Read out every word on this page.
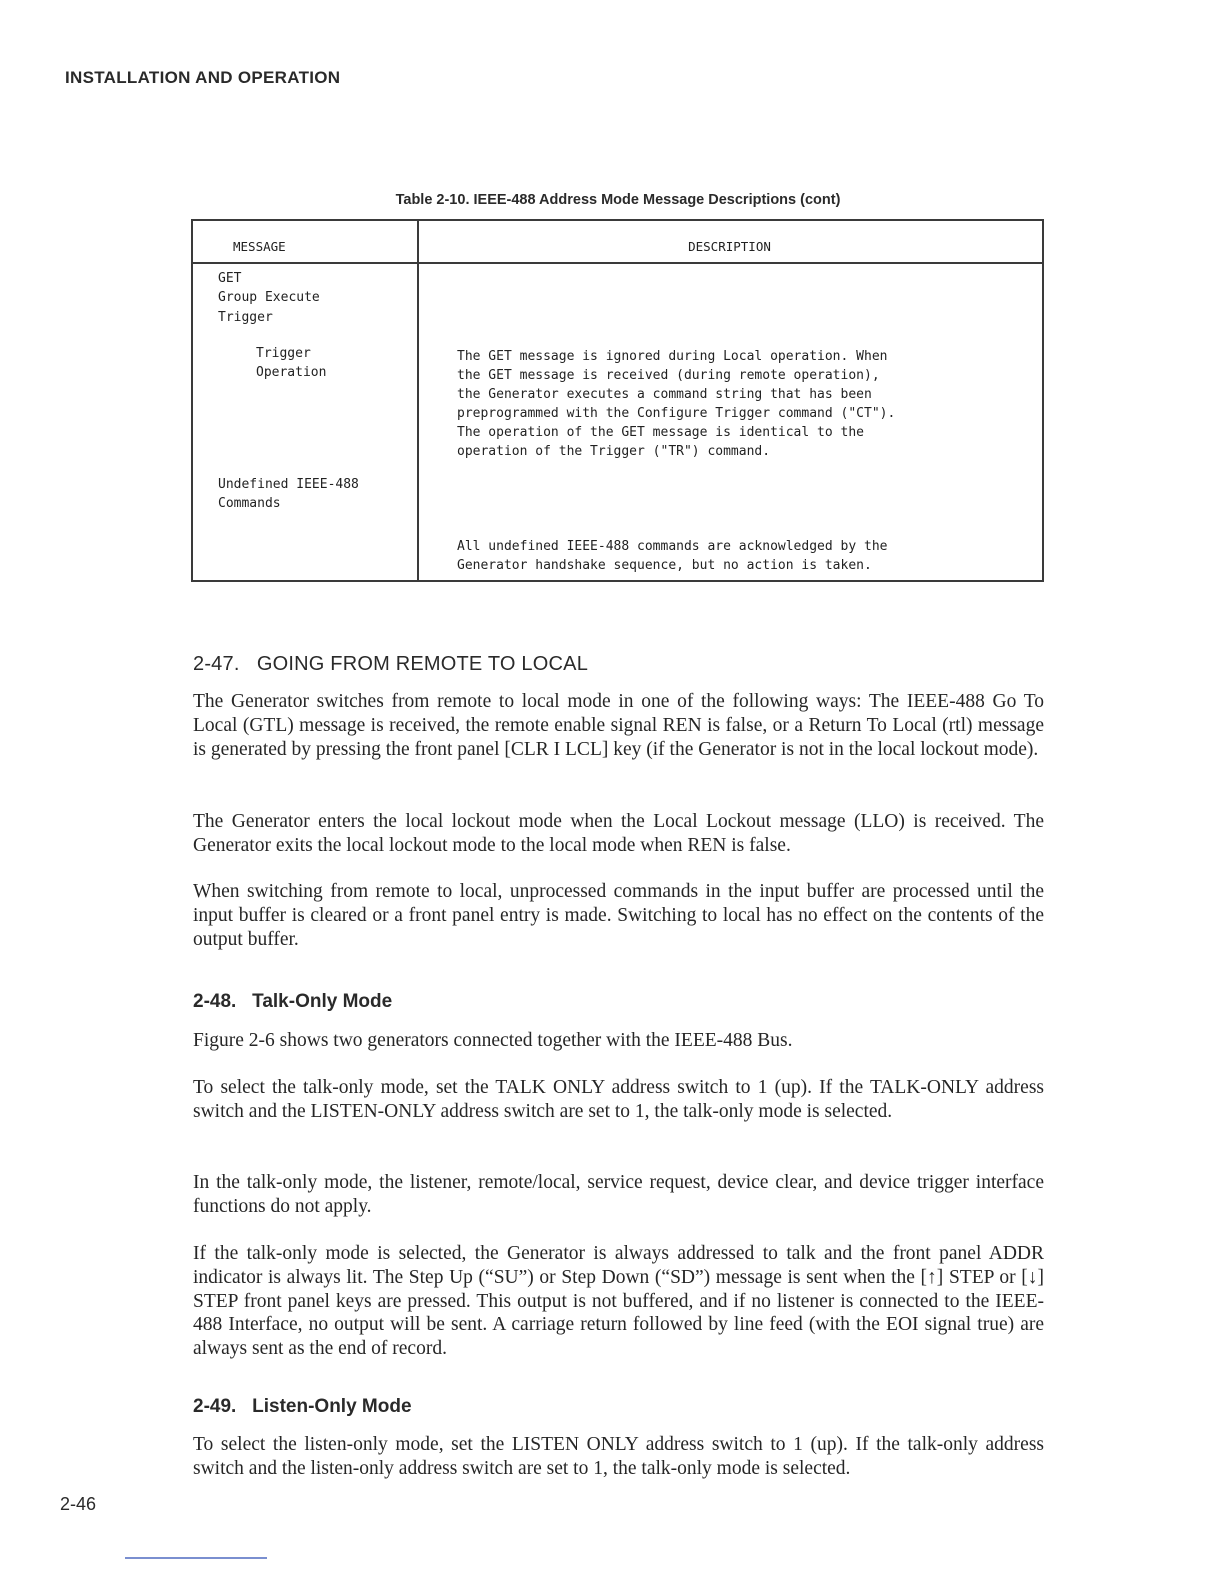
INSTALLATION AND OPERATION
Table 2-10. IEEE-488 Address Mode Message Descriptions (cont)
MESSAGE	DESCRIPTION
GET
Group Execute
Trigger
Trigger
Operation
The GET message is ignored during Local operation. When
the GET message is received (during remote operation),
the Generator executes a command string that has been
preprogrammed with the Configure Trigger command ("CT").
The operation of the GET message is identical to the
operation of the Trigger ("TR") command.
Undefined IEEE-488
Commands
All undefined IEEE-488 commands are acknowledged by the
Generator handshake sequence, but no action is taken.
2-47.   GOING FROM REMOTE TO LOCAL

The Generator switches from remote to local mode in one of the following ways: The IEEE-488 Go To Local (GTL) message is received, the remote enable signal REN is false, or a Return To Local (rtl) message is generated by pressing the front panel [CLR I LCL] key (if the Generator is not in the local lockout mode).

The Generator enters the local lockout mode when the Local Lockout message (LLO) is received. The Generator exits the local lockout mode to the local mode when REN is false.

When switching from remote to local, unprocessed commands in the input buffer are processed until the input buffer is cleared or a front panel entry is made. Switching to local has no effect on the contents of the output buffer.

2-48.   Talk-Only Mode

Figure 2-6 shows two generators connected together with the IEEE-488 Bus.

To select the talk-only mode, set the TALK ONLY address switch to 1 (up). If the TALK-ONLY address switch and the LISTEN-ONLY address switch are set to 1, the talk-only mode is selected.

In the talk-only mode, the listener, remote/local, service request, device clear, and device trigger interface functions do not apply.

If the talk-only mode is selected, the Generator is always addressed to talk and the front panel ADDR indicator is always lit. The Step Up (“SU”) or Step Down (“SD”) message is sent when the [↑] STEP or [↓] STEP front panel keys are pressed. This output is not buffered, and if no listener is connected to the IEEE-488 Interface, no output will be sent. A carriage return followed by line feed (with the EOI signal true) are always sent as the end of record.

2-49.   Listen-Only Mode

To select the listen-only mode, set the LISTEN ONLY address switch to 1 (up). If the talk-only address switch and the listen-only address switch are set to 1, the talk-only mode is selected.

2-46
